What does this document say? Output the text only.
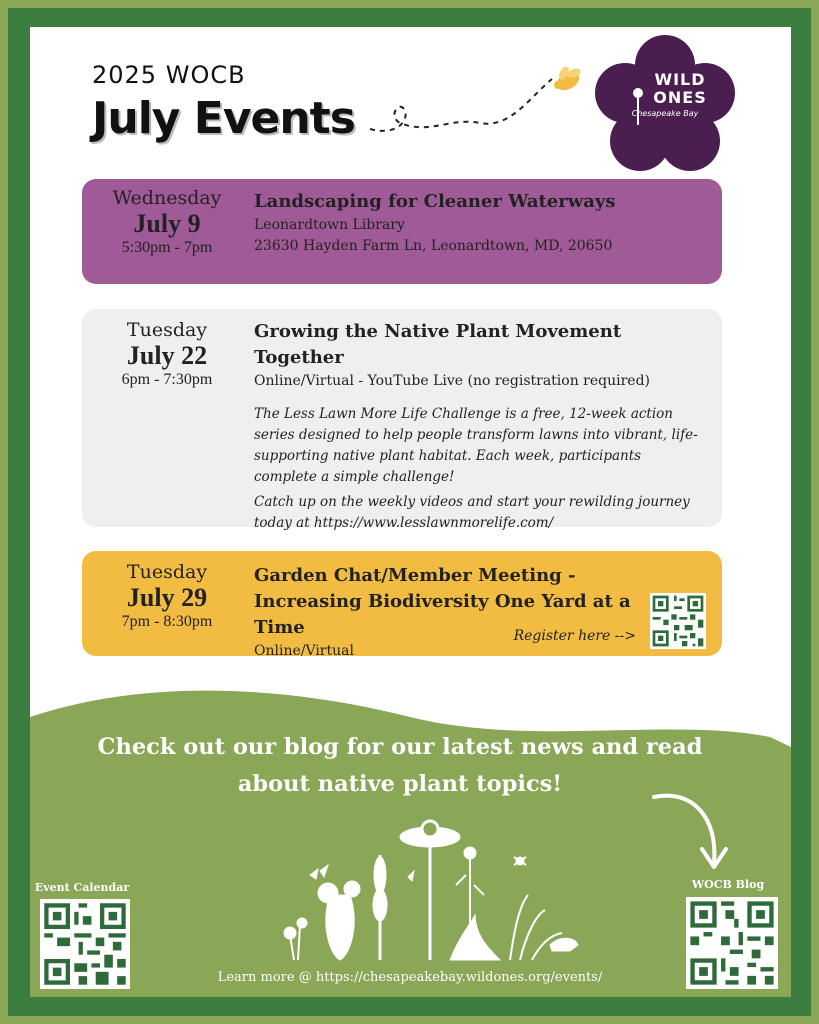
2025 WOCB
July Events
WILD
ONES
Chesapeake Bay
Wednesday
July 9
5:30pm - 7pm
Landscaping for Cleaner Waterways
Leonardtown Library
23630 Hayden Farm Ln, Leonardtown, MD, 20650
Tuesday
July 22
6pm - 7:30pm
Growing the Native Plant Movement Together
Online/Virtual - YouTube Live (no registration required)
The Less Lawn More Life Challenge is a free, 12-week action series designed to help people transform lawns into vibrant, life-supporting native plant habitat. Each week, participants complete a simple challenge!
Catch up on the weekly videos and start your rewilding journey today at https://www.lesslawnmorelife.com/
Tuesday
July 29
7pm - 8:30pm
Garden Chat/Member Meeting - Increasing Biodiversity One Yard at a Time
Online/Virtual
Register here -->
Check out our blog for our latest news and read about native plant topics!
Event Calendar	WOCB Blog
Learn more @ https://chesapeakebay.wildones.org/events/
